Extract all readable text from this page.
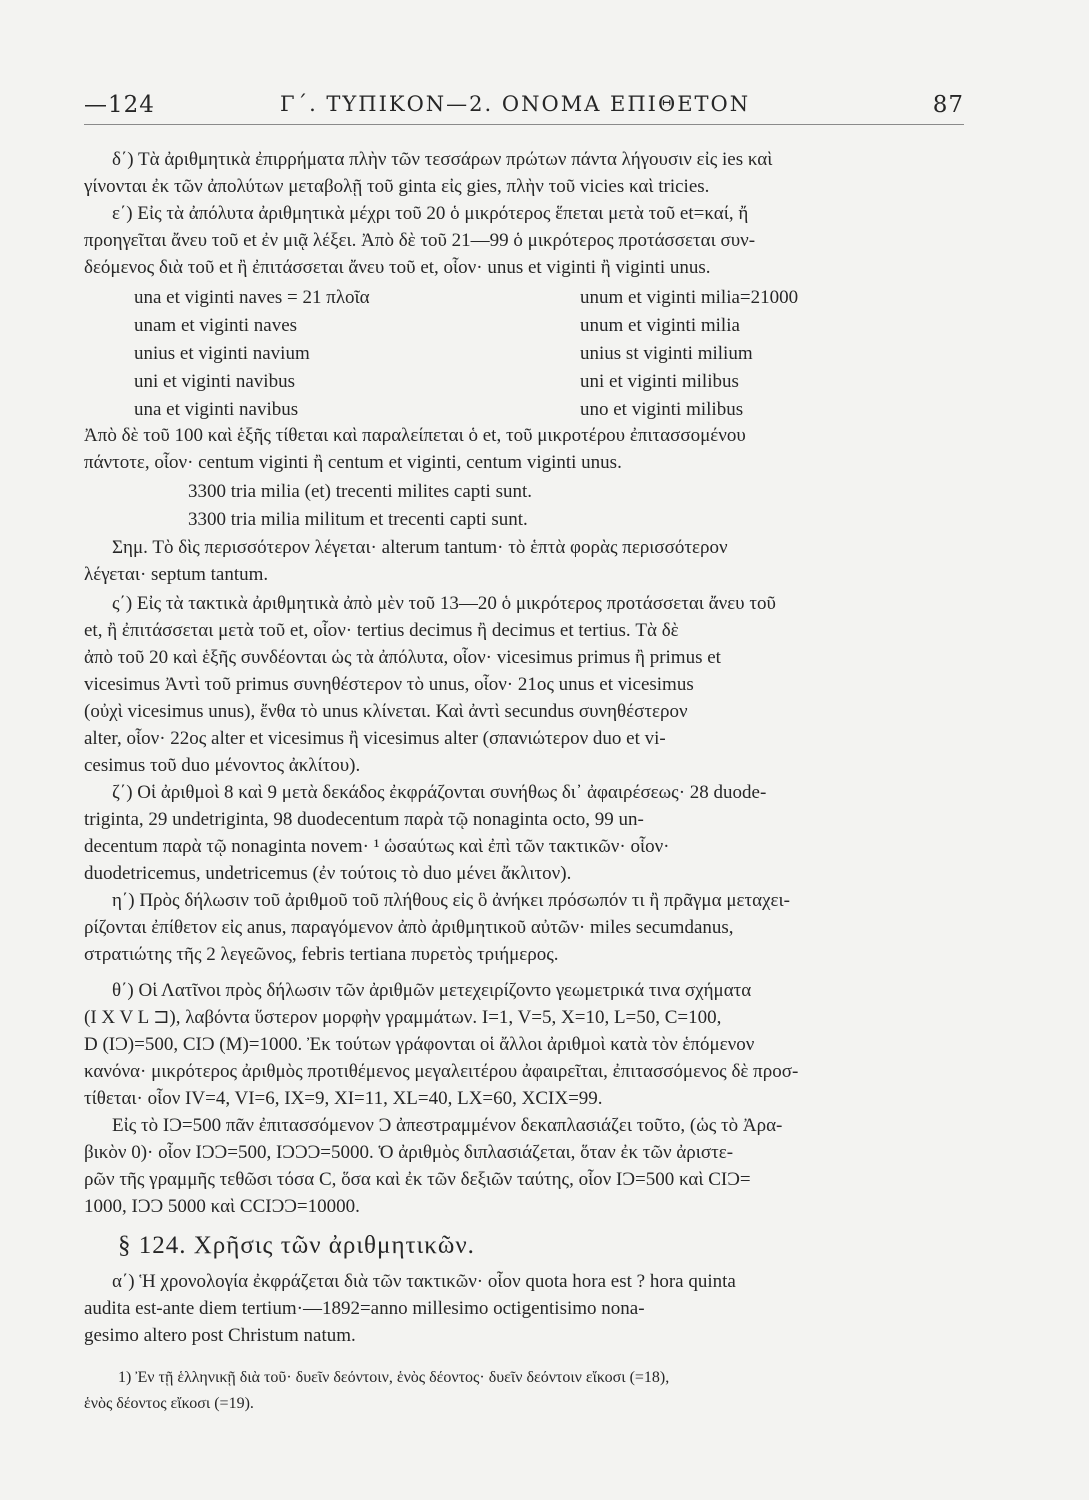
—124	Γ΄. ΤΥΠΙΚΟΝ—2. ΟΝΟΜΑ ΕΠΙΘΕΤΟΝ	87
δ΄) Τὰ ἀριθμητικὰ ἐπιρρήματα πλὴν τῶν τεσσάρων πρώτων πάντα λήγουσιν εἰς ies καὶ
γίνονται ἐκ τῶν ἀπολύτων μεταβολῇ τοῦ ginta εἰς gies, πλὴν τοῦ vicies καὶ tricies.
ε΄) Εἰς τὰ ἀπόλυτα ἀριθμητικὰ μέχρι τοῦ 20 ὁ μικρότερος ἕπεται μετὰ τοῦ et=καί, ἤ
προηγεῖται ἄνευ τοῦ et ἐν μιᾷ λέξει. Ἀπὸ δὲ τοῦ 21—99 ὁ μικρότερος προτάσσεται συν-
δεόμενος διὰ τοῦ et ἢ ἐπιτάσσεται ἄνευ τοῦ et, οἷον· unus et viginti ἢ viginti unus.
una et viginti naves = 21 πλοῖα	unum et viginti milia=21000
unam et viginti naves	unum et viginti milia
unius et viginti navium	unius st viginti milium
uni et viginti navibus	uni et viginti milibus
una et viginti navibus	uno et viginti milibus
Ἀπὸ δὲ τοῦ 100 καὶ ἑξῆς τίθεται καὶ παραλείπεται ὁ et, τοῦ μικροτέρου ἐπιτασσομένου
πάντοτε, οἷον· centum viginti ἢ centum et viginti, centum viginti unus.
3300 tria milia (et) trecenti milites capti sunt.
3300 tria milia militum et trecenti capti sunt.
Σημ. Τὸ δὶς περισσότερον λέγεται· alterum tantum· τὸ ἑπτὰ φορὰς περισσότερον
λέγεται· septum tantum.
ς΄) Εἰς τὰ τακτικὰ ἀριθμητικὰ ἀπὸ μὲν τοῦ 13—20 ὁ μικρότερος προτάσσεται ἄνευ τοῦ
et, ἢ ἐπιτάσσεται μετὰ τοῦ et, οἷον· tertius decimus ἢ decimus et tertius. Τὰ δὲ
ἀπὸ τοῦ 20 καὶ ἑξῆς συνδέονται ὡς τὰ ἀπόλυτα, οἷον· vicesimus primus ἢ primus et
vicesimus Ἀντὶ τοῦ primus συνηθέστερον τὸ unus, οἷον· 21ος unus et vicesimus
(οὐχὶ vicesimus unus), ἔνθα τὸ unus κλίνεται. Καὶ ἀντὶ secundus συνηθέστερον
alter, οἷον· 22ος alter et vicesimus ἢ vicesimus alter (σπανιώτερον duo et vi-
cesimus τοῦ duo μένοντος ἀκλίτου).
ζ΄) Οἱ ἀριθμοὶ 8 καὶ 9 μετὰ δεκάδος ἐκφράζονται συνήθως δι᾽ ἀφαιρέσεως· 28 duode-
triginta, 29 undetriginta, 98 duodecentum παρὰ τῷ nonaginta octo, 99 un-
decentum παρὰ τῷ nonaginta novem· ¹ ὡσαύτως καὶ ἐπὶ τῶν τακτικῶν· οἷον·
duodetricemus, undetricemus (ἐν τούτοις τὸ duo μένει ἄκλιτον).
η΄) Πρὸς δήλωσιν τοῦ ἀριθμοῦ τοῦ πλήθους εἰς ὃ ἀνήκει πρόσωπόν τι ἢ πρᾶγμα μεταχει-
ρίζονται ἐπίθετον εἰς anus, παραγόμενον ἀπὸ ἀριθμητικοῦ αὐτῶν· miles secumdanus,
στρατιώτης τῆς 2 λεγεῶνος, febris tertiana πυρετὸς τριήμερος.
θ΄) Οἱ Λατῖνοι πρὸς δήλωσιν τῶν ἀριθμῶν μετεχειρίζοντο γεωμετρικά τινα σχήματα
(I X V L ⊐), λαβόντα ὕστερον μορφὴν γραμμάτων. I=1, V=5, X=10, L=50, C=100,
D (IƆ)=500, CIƆ (M)=1000. Ἐκ τούτων γράφονται οἱ ἄλλοι ἀριθμοὶ κατὰ τὸν ἑπόμενον
κανόνα· μικρότερος ἀριθμὸς προτιθέμενος μεγαλειτέρου ἀφαιρεῖται, ἐπιτασσόμενος δὲ προσ-
τίθεται· οἷον IV=4, VI=6, IX=9, XI=11, XL=40, LX=60, XCIX=99.
Εἰς τὸ IƆ=500 πᾶν ἐπιτασσόμενον Ɔ ἀπεστραμμένον δεκαπλασιάζει τοῦτο, (ὡς τὸ Ἀρα-
βικὸν 0)· οἷον IƆƆ=500, IƆƆƆ=5000. Ὁ ἀριθμὸς διπλασιάζεται, ὅταν ἐκ τῶν ἀριστε-
ρῶν τῆς γραμμῆς τεθῶσι τόσα C, ὅσα καὶ ἐκ τῶν δεξιῶν ταύτης, οἷον IƆ=500 καὶ CIƆ=
1000, IƆƆ 5000 καὶ CCIƆƆ=10000.
§ 124. Χρῆσις τῶν ἀριθμητικῶν.
α΄) Ἡ χρονολογία ἐκφράζεται διὰ τῶν τακτικῶν· οἷον quota hora est ? hora quinta
audita est-ante diem tertium·—1892=anno millesimo octigentisimo nona-
gesimo altero post Christum natum.
1) Ἐν τῇ ἑλληνικῇ διὰ τοῦ· δυεῖν δεόντοιν, ἑνὸς δέοντος· δυεῖν δεόντοιν εἴκοσι (=18),
ἑνὸς δέοντος εἴκοσι (=19).
